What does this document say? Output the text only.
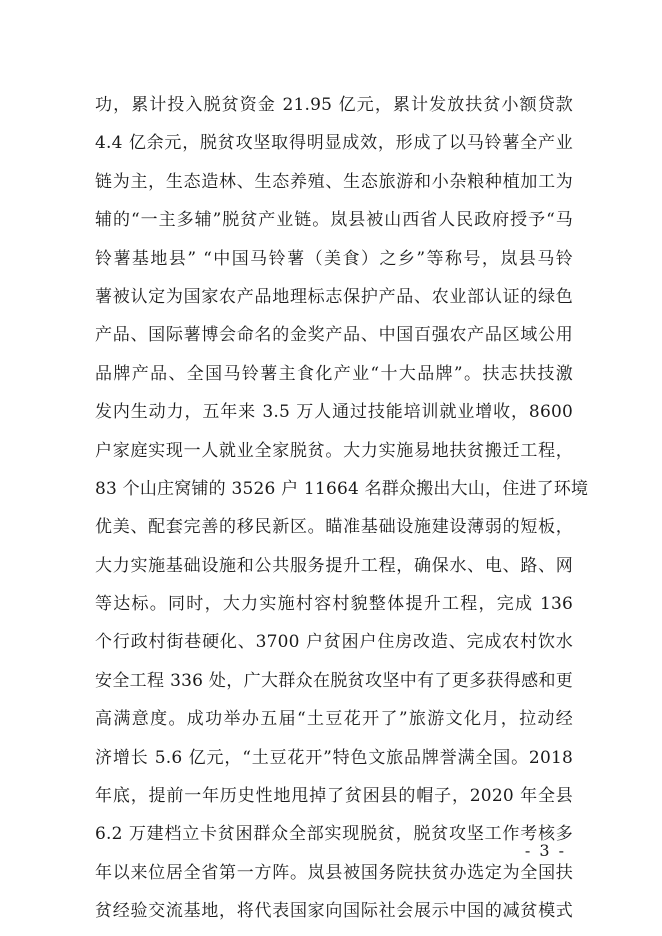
功，累计投入脱贫资金 21.95 亿元，累计发放扶贫小额贷款
4.4 亿余元，脱贫攻坚取得明显成效，形成了以马铃薯全产业
链为主，生态造林、生态养殖、生态旅游和小杂粮种植加工为
辅的“一主多辅”脱贫产业链。岚县被山西省人民政府授予“马
铃薯基地县” “中国马铃薯（美食）之乡”等称号，岚县马铃
薯被认定为国家农产品地理标志保护产品、农业部认证的绿色
产品、国际薯博会命名的金奖产品、中国百强农产品区域公用
品牌产品、全国马铃薯主食化产业“十大品牌”。扶志扶技激
发内生动力，五年来 3.5 万人通过技能培训就业增收，8600
户家庭实现一人就业全家脱贫。大力实施易地扶贫搬迁工程，
83 个山庄窝铺的 3526 户 11664 名群众搬出大山，住进了环境
优美、配套完善的移民新区。瞄准基础设施建设薄弱的短板，
大力实施基础设施和公共服务提升工程，确保水、电、路、网
等达标。同时，大力实施村容村貌整体提升工程，完成 136
个行政村街巷硬化、3700 户贫困户住房改造、完成农村饮水
安全工程 336 处，广大群众在脱贫攻坚中有了更多获得感和更
高满意度。成功举办五届“土豆花开了”旅游文化月，拉动经
济增长 5.6 亿元，“土豆花开”特色文旅品牌誉满全国。2018
年底，提前一年历史性地甩掉了贫困县的帽子，2020 年全县
6.2 万建档立卡贫困群众全部实现脱贫，脱贫攻坚工作考核多
年以来位居全省第一方阵。岚县被国务院扶贫办选定为全国扶
贫经验交流基地，将代表国家向国际社会展示中国的减贫模式
- 3 -
